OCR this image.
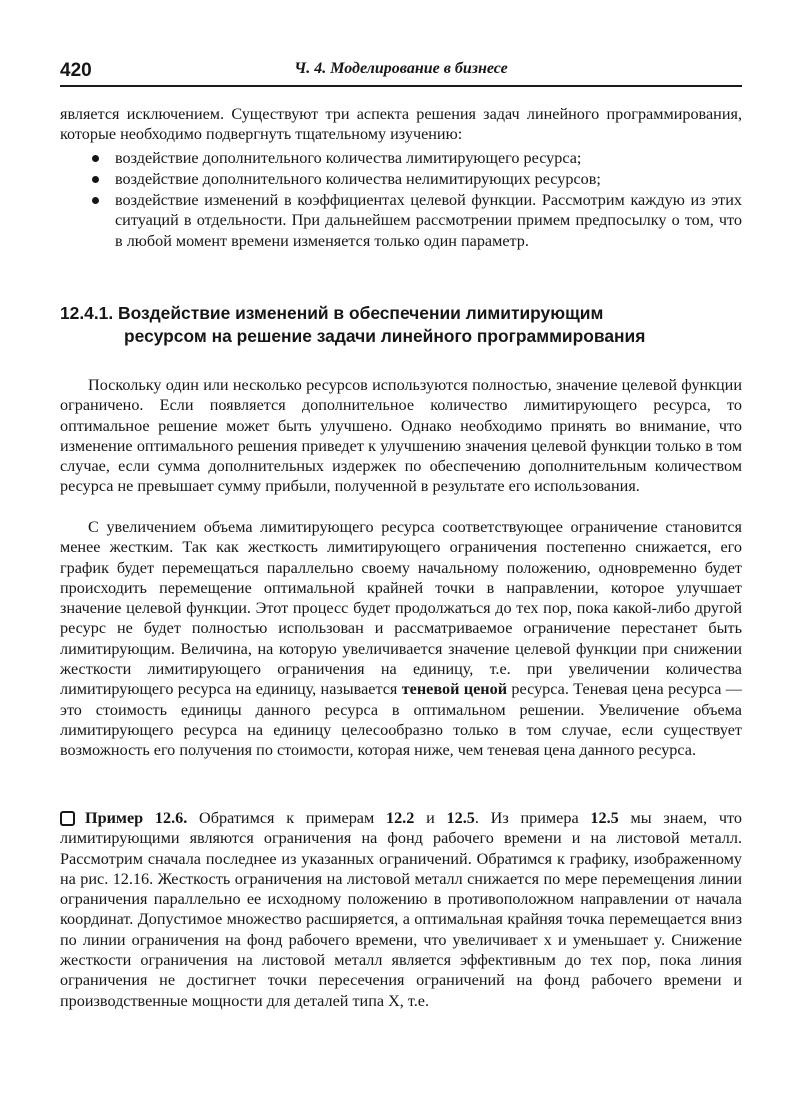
420	Ч. 4. Моделирование в бизнесе

является исключением. Существуют три аспекта решения задач линейного программирования, которые необходимо подвергнуть тщательному изучению:

воздействие дополнительного количества лимитирующего ресурса;
воздействие дополнительного количества нелимитирующих ресурсов;
воздействие изменений в коэффициентах целевой функции. Рассмотрим каждую из этих ситуаций в отдельности. При дальнейшем рассмотрении примем предпосылку о том, что в любой момент времени изменяется только один параметр.
12.4.1. Воздействие изменений в обеспечении лимитирующим
ресурсом на решение задачи линейного программирования

Поскольку один или несколько ресурсов используются полностью, значение целевой функции ограничено. Если появляется дополнительное количество лимитирующего ресурса, то оптимальное решение может быть улучшено. Однако необходимо принять во внимание, что изменение оптимального решения приведет к улучшению значения целевой функции только в том случае, если сумма дополнительных издержек по обеспечению дополнительным количеством ресурса не превышает сумму прибыли, полученной в результате его использования.

С увеличением объема лимитирующего ресурса соответствующее ограничение становится менее жестким. Так как жесткость лимитирующего ограничения постепенно снижается, его график будет перемещаться параллельно своему начальному положению, одновременно будет происходить перемещение оптимальной крайней точки в направлении, которое улучшает значение целевой функции. Этот процесс будет продолжаться до тех пор, пока какой-либо другой ресурс не будет полностью использован и рассматриваемое ограничение перестанет быть лимитирующим. Величина, на которую увеличивается значение целевой функции при снижении жесткости лимитирующего ограничения на единицу, т.е. при увеличении количества лимитирующего ресурса на единицу, называется теневой ценой ресурса. Теневая цена ресурса — это стоимость единицы данного ресурса в оптимальном решении. Увеличение объема лимитирующего ресурса на единицу целесообразно только в том случае, если существует возможность его получения по стоимости, которая ниже, чем теневая цена данного ресурса.

Пример 12.6. Обратимся к примерам 12.2 и 12.5. Из примера 12.5 мы знаем, что лимитирующими являются ограничения на фонд рабочего времени и на листовой металл. Рассмотрим сначала последнее из указанных ограничений. Обратимся к графику, изображенному на рис. 12.16. Жесткость ограничения на листовой металл снижается по мере перемещения линии ограничения параллельно ее исходному положению в противоположном направлении от начала координат. Допустимое множество расширяется, а оптимальная крайняя точка перемещается вниз по линии ограничения на фонд рабочего времени, что увеличивает x и уменьшает y. Снижение жесткости ограничения на листовой металл является эффективным до тех пор, пока линия ограничения не достигнет точки пересечения ограничений на фонд рабочего времени и производственные мощности для деталей типа X, т.е.
